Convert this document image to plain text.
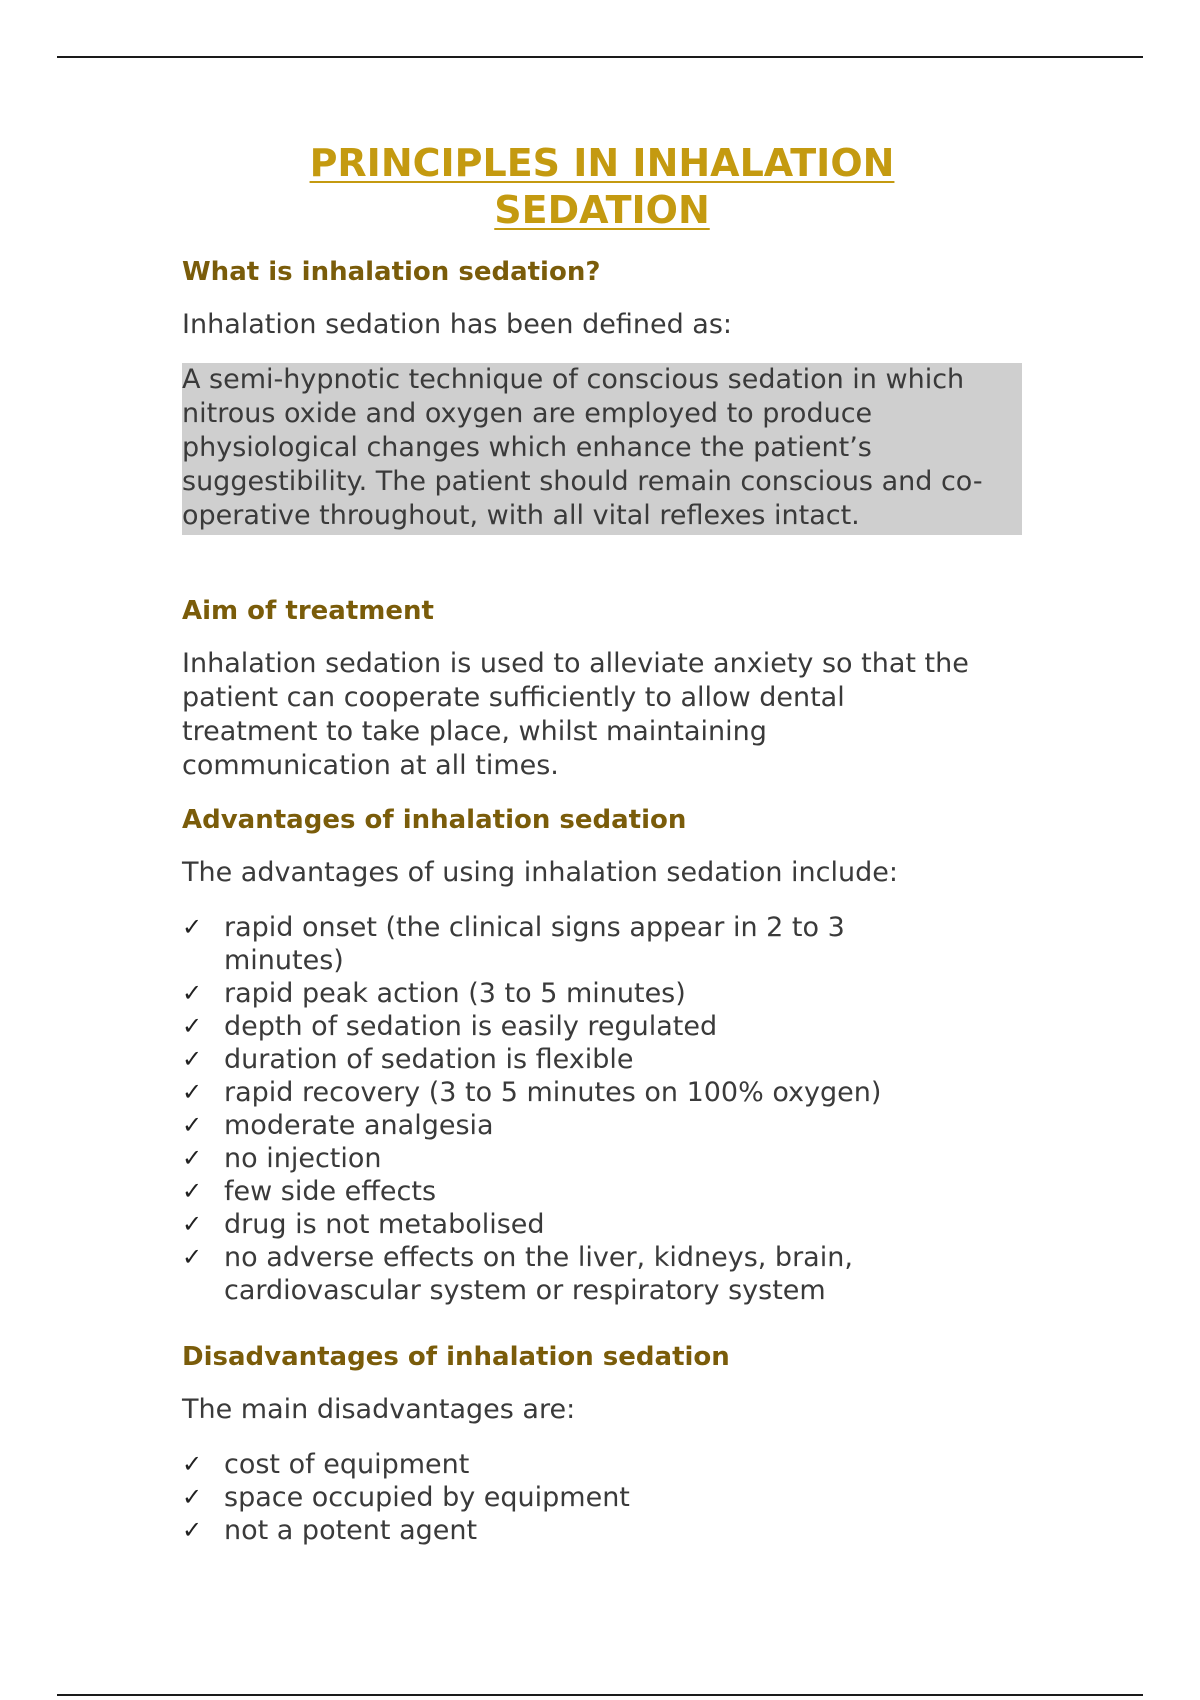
PRINCIPLES IN INHALATION
SEDATION
What is inhalation sedation?
Inhalation sedation has been defined as:
A semi-hypnotic technique of conscious sedation in which nitrous oxide and oxygen are employed to produce physiological changes which enhance the patient’s suggestibility. The patient should remain conscious and co-operative throughout, with all vital reflexes intact.
Aim of treatment
Inhalation sedation is used to alleviate anxiety so that the patient can cooperate sufficiently to allow dental treatment to take place, whilst maintaining communication at all times.
Advantages of inhalation sedation
The advantages of using inhalation sedation include:
✓ rapid onset (the clinical signs appear in 2 to 3 minutes)
✓ rapid peak action (3 to 5 minutes)
✓ depth of sedation is easily regulated
✓ duration of sedation is flexible
✓ rapid recovery (3 to 5 minutes on 100% oxygen)
✓ moderate analgesia
✓ no injection
✓ few side effects
✓ drug is not metabolised
✓ no adverse effects on the liver, kidneys, brain, cardiovascular system or respiratory system
Disadvantages of inhalation sedation
The main disadvantages are:
✓ cost of equipment
✓ space occupied by equipment
✓ not a potent agent
